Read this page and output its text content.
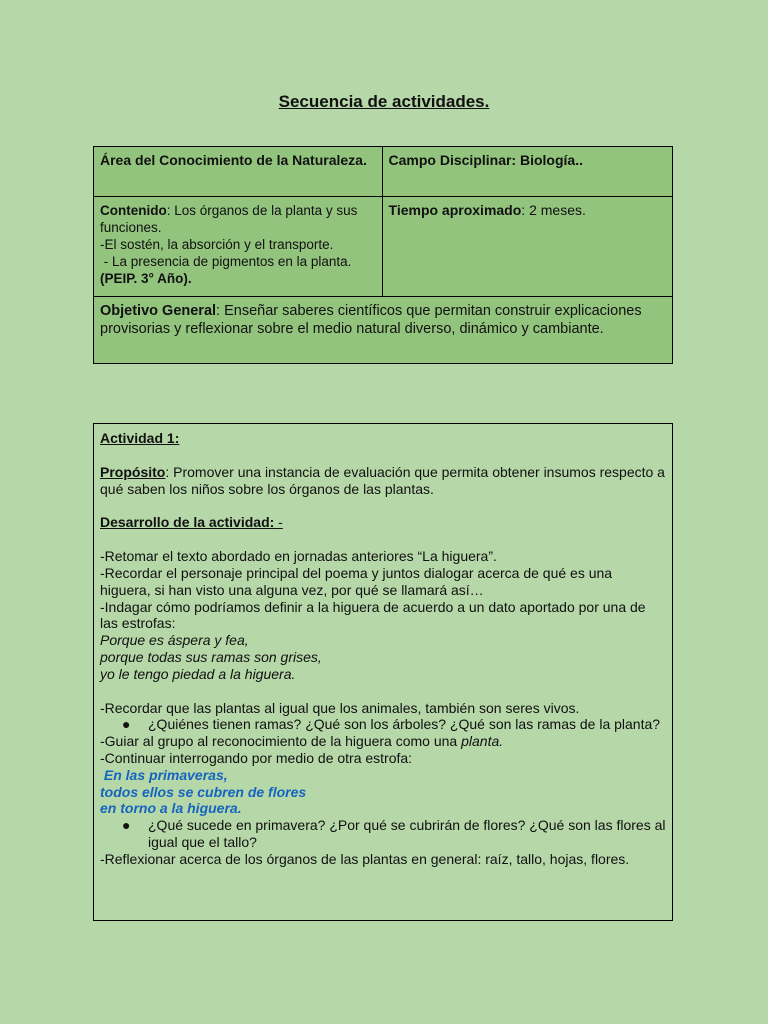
Secuencia de actividades.
Área del Conocimiento de la Naturaleza.	Campo Disciplinar: Biología..
Contenido: Los órganos de la planta y sus funciones.
-El sostén, la absorción y el transporte.
- La presencia de pigmentos en la planta.(PEIP. 3° Año).	Tiempo aproximado: 2 meses.
Objetivo General: Enseñar saberes científicos que permitan construir explicaciones provisorias y reflexionar sobre el medio natural diverso, dinámico y cambiante.	

Actividad 1:

Propósito: Promover una instancia de evaluación que permita obtener insumos respecto a qué saben los niños sobre los órganos de las plantas.

Desarrollo de la actividad: -

-Retomar el texto abordado en jornadas anteriores “La higuera”.

-Recordar el personaje principal del poema y juntos dialogar acerca de qué es una higuera, si han visto una alguna vez, por qué se llamará así…

-Indagar cómo podríamos definir a la higuera de acuerdo a un dato aportado por una de las estrofas:

Porque es áspera y fea,

porque todas sus ramas son grises,

yo le tengo piedad a la higuera.

-Recordar que las plantas al igual que los animales, también son seres vivos.

● ¿Quiénes tienen ramas? ¿Qué son los árboles? ¿Qué son las ramas de la planta?

-Guiar al grupo al reconocimiento de la higuera como una planta.

-Continuar interrogando por medio de otra estrofa:

En las primaveras,

todos ellos se cubren de flores

en torno a la higuera.

● ¿Qué sucede en primavera? ¿Por qué se cubrirán de flores? ¿Qué son las flores al igual que el tallo?

-Reflexionar acerca de los órganos de las plantas en general: raíz, tallo, hojas, flores.
